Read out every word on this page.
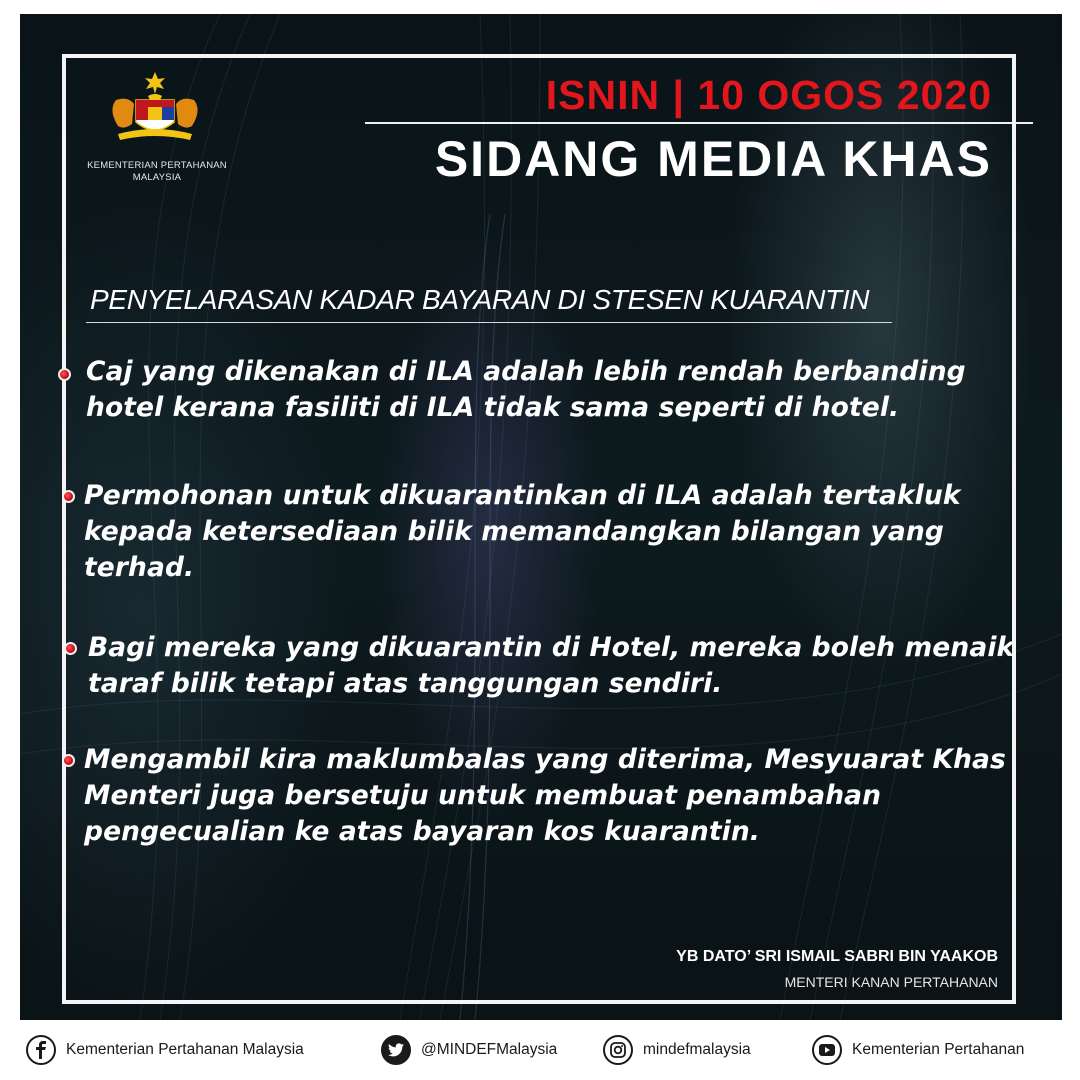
KEMENTERIAN PERTAHANAN
MALAYSIA
ISNIN | 10 OGOS 2020
SIDANG MEDIA KHAS
PENYELARASAN KADAR BAYARAN DI STESEN KUARANTIN
Caj yang dikenakan di ILA adalah lebih rendah berbanding
hotel kerana fasiliti di ILA tidak sama seperti di hotel.
Permohonan untuk dikuarantinkan di ILA adalah tertakluk
kepada ketersediaan bilik memandangkan bilangan yang
terhad.
Bagi mereka yang dikuarantin di Hotel, mereka boleh menaik
taraf bilik tetapi atas tanggungan sendiri.
Mengambil kira maklumbalas yang diterima, Mesyuarat Khas
Menteri juga bersetuju untuk membuat penambahan
pengecualian ke atas bayaran kos kuarantin.
YB DATO’ SRI ISMAIL SABRI BIN YAAKOB
MENTERI KANAN PERTAHANAN
Kementerian Pertahanan Malaysia	@MINDEFMalaysia	mindefmalaysia	Kementerian Pertahanan
